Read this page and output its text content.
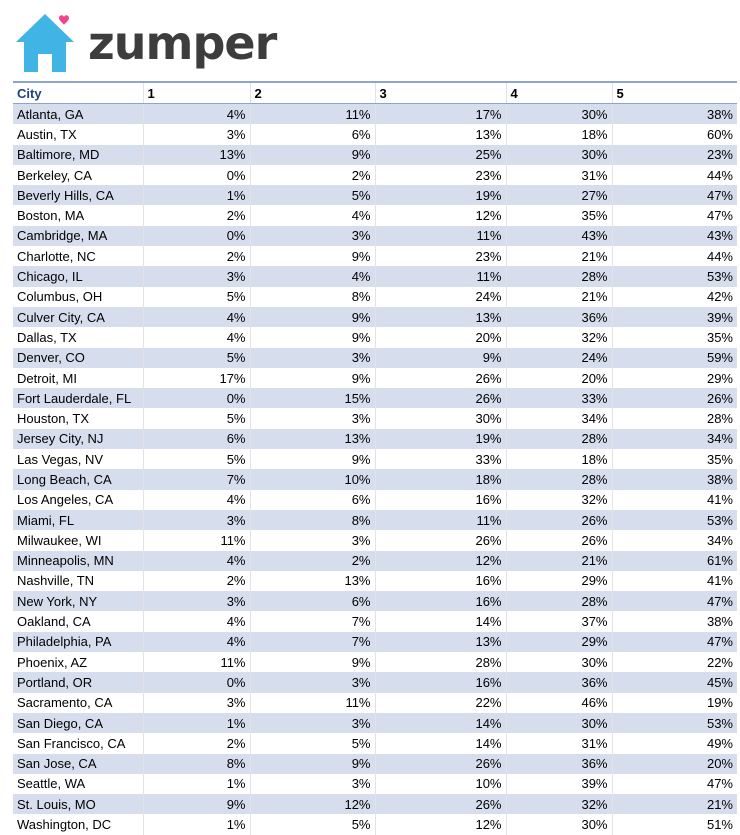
zumper
City	1	2	3	4	5
Atlanta, GA	4%	11%	17%	30%	38%
Austin, TX	3%	6%	13%	18%	60%
Baltimore, MD	13%	9%	25%	30%	23%
Berkeley, CA	0%	2%	23%	31%	44%
Beverly Hills, CA	1%	5%	19%	27%	47%
Boston, MA	2%	4%	12%	35%	47%
Cambridge, MA	0%	3%	11%	43%	43%
Charlotte, NC	2%	9%	23%	21%	44%
Chicago, IL	3%	4%	11%	28%	53%
Columbus, OH	5%	8%	24%	21%	42%
Culver City, CA	4%	9%	13%	36%	39%
Dallas, TX	4%	9%	20%	32%	35%
Denver, CO	5%	3%	9%	24%	59%
Detroit, MI	17%	9%	26%	20%	29%
Fort Lauderdale, FL	0%	15%	26%	33%	26%
Houston, TX	5%	3%	30%	34%	28%
Jersey City, NJ	6%	13%	19%	28%	34%
Las Vegas, NV	5%	9%	33%	18%	35%
Long Beach, CA	7%	10%	18%	28%	38%
Los Angeles, CA	4%	6%	16%	32%	41%
Miami, FL	3%	8%	11%	26%	53%
Milwaukee, WI	11%	3%	26%	26%	34%
Minneapolis, MN	4%	2%	12%	21%	61%
Nashville, TN	2%	13%	16%	29%	41%
New York, NY	3%	6%	16%	28%	47%
Oakland, CA	4%	7%	14%	37%	38%
Philadelphia, PA	4%	7%	13%	29%	47%
Phoenix, AZ	11%	9%	28%	30%	22%
Portland, OR	0%	3%	16%	36%	45%
Sacramento, CA	3%	11%	22%	46%	19%
San Diego, CA	1%	3%	14%	30%	53%
San Francisco, CA	2%	5%	14%	31%	49%
San Jose, CA	8%	9%	26%	36%	20%
Seattle, WA	1%	3%	10%	39%	47%
St. Louis, MO	9%	12%	26%	32%	21%
Washington, DC	1%	5%	12%	30%	51%
